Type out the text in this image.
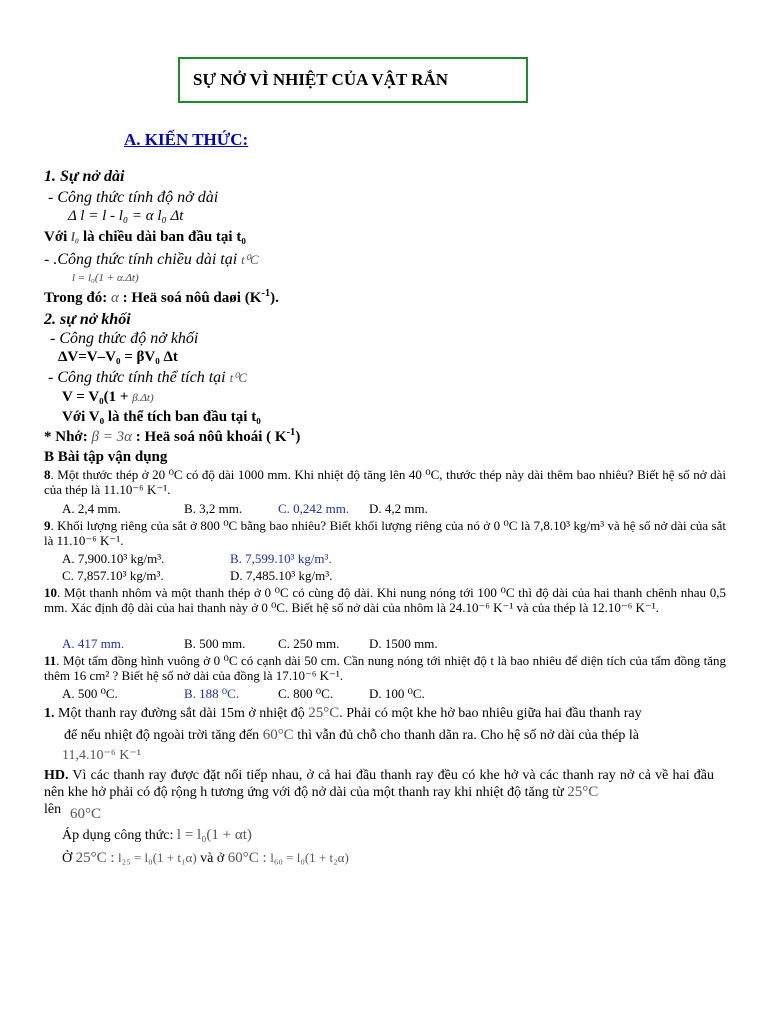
SỰ NỞ VÌ NHIỆT CỦA VẬT RẮN
A. KIẾN THỨC:
1. Sự nở dài
- Công thức tính độ nở dài
Δ l = l - l₀ = α l₀ Δt
Với l₀ là chiều dài ban đầu tại t₀
- .Công thức tính chiều dài tại t⁰C
l = l₀(1 + α.Δt)
Trong đó: α : Heä soá nôû daøi $(K^{-1})$.
2. sự nở khối
- Công thức độ nở khối
ΔV=V–V₀ = βV₀ Δt
- Công thức tính thể tích tại t⁰C
V = V₀(1 + β.Δt)
Với V₀ là thể tích ban đầu tại t₀
* Nhớ: β = 3α : Heä soá nôû khoái ( $K^{-1}$)
B Bài tập vận dụng
8. Một thước thép ở 20 ⁰C có độ dài 1000 mm. Khi nhiệt độ tăng lên 40 ⁰C, thước thép này dài thêm bao nhiêu? Biết hệ số nở dài của thép là 11.10⁻⁶ K⁻¹.
A. 2,4 mm.	B. 3,2 mm.	C. 0,242 mm. D. 4,2 mm.
9. Khối lượng riêng của sắt ở 800 ⁰C bằng bao nhiêu? Biết khối lượng riêng của nó ở 0 ⁰C là 7,8.10³ kg/m³ và hệ số nở dài của sắt là 11.10⁻⁶ K⁻¹.
A. 7,900.10³ kg/m³.	B. 7,599.10³ kg/m³.
C. 7,857.10³ kg/m³.	D. 7,485.10³ kg/m³.
10. Một thanh nhôm và một thanh thép ở 0 ⁰C có cùng độ dài. Khi nung nóng tới 100 ⁰C thì độ dài của hai thanh chênh nhau 0,5 mm. Xác định độ dài của hai thanh này ở 0 ⁰C. Biết hệ số nở dài của nhôm là 24.10⁻⁶ K⁻¹ và của thép là 12.10⁻⁶ K⁻¹.
A. 417 mm.	B. 500 mm.	C. 250 mm. D. 1500 mm.
11. Một tấm đồng hình vuông ở 0 ⁰C có cạnh dài 50 cm. Cần nung nóng tới nhiệt độ t là bao nhiêu để diện tích của tấm đồng tăng thêm 16 cm² ? Biết hệ số nở dài của đồng là 17.10⁻⁶ K⁻¹.
A. 500 ⁰C.	B. 188 ⁰C.	C. 800 ⁰C.	D. 100 ⁰C.
1. Một thanh ray đường sắt dài 15m ở nhiệt độ 25°C. Phải có một khe hở bao nhiêu giữa hai đầu thanh ray
để nếu nhiệt độ ngoài trời tăng đến 60°C thì vẫn đủ chỗ cho thanh dãn ra. Cho hệ số nở dài của thép là
11,4.10⁻⁶ K⁻¹
HD. Vì các thanh ray được đặt nối tiếp nhau, ở cả hai đầu thanh ray đều có khe hở và các thanh ray nở cả về hai đầu nên khe hở phải có độ rộng h tương ứng với độ nở dài của một thanh ray khi nhiệt độ tăng từ 25°C
lên 60°C
Áp dụng công thức: l = l₀(1 + αt)
Ở 25°C : l₂₅ = l₀(1 + t₁α) và ở 60°C : l₆₀ = l₀(1 + t₂α)
